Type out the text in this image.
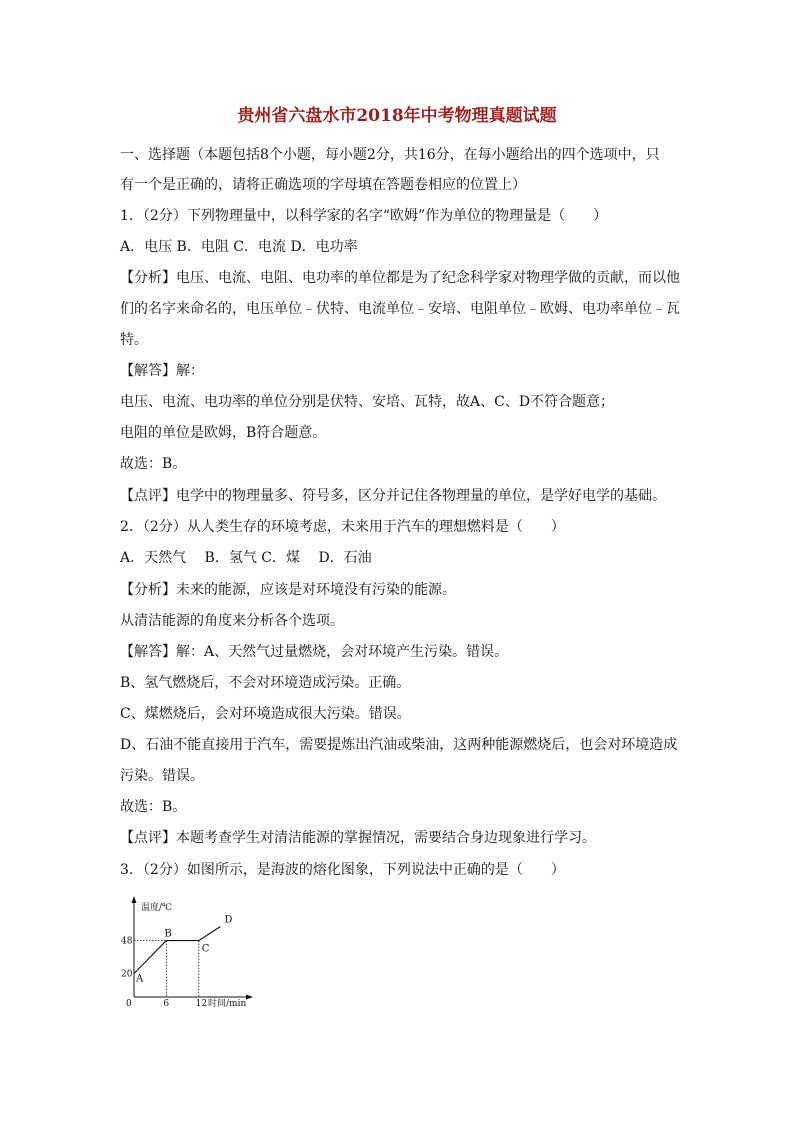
贵州省六盘水市2018年中考物理真题试题
一、选择题（本题包括8个小题，每小题2分，共16分，在每小题给出的四个选项中，只
有一个是正确的，请将正确选项的字母填在答题卷相应的位置上）
1．（2分）下列物理量中，以科学家的名字“欧姆”作为单位的物理量是（　　）
A．电压 B．电阻 C．电流 D．电功率
【分析】电压、电流、电阻、电功率的单位都是为了纪念科学家对物理学做的贡献，而以他
们的名字来命名的，电压单位﹣伏特、电流单位﹣安培、电阻单位﹣欧姆、电功率单位﹣瓦
特。
【解答】解：
电压、电流、电功率的单位分别是伏特、安培、瓦特，故A、C、D不符合题意；
电阻的单位是欧姆，B符合题意。
故选：B。
【点评】电学中的物理量多、符号多，区分并记住各物理量的单位，是学好电学的基础。
2．（2分）从人类生存的环境考虑，未来用于汽车的理想燃料是（　　）
A．天然气　 B．氢气 C．煤　 D．石油
【分析】未来的能源，应该是对环境没有污染的能源。
从清洁能源的角度来分析各个选项。
【解答】解：A、天然气过量燃烧，会对环境产生污染。错误。
B、氢气燃烧后，不会对环境造成污染。正确。
C、煤燃烧后，会对环境造成很大污染。错误。
D、石油不能直接用于汽车，需要提炼出汽油或柴油，这两种能源燃烧后，也会对环境造成
污染。错误。
故选：B。
【点评】本题考查学生对清洁能源的掌握情况，需要结合身边现象进行学习。
3．（2分）如图所示，是海波的熔化图象，下列说法中正确的是（　　）
温度/℃
时间/min
A
B
C
D
0	6	12
20
48
